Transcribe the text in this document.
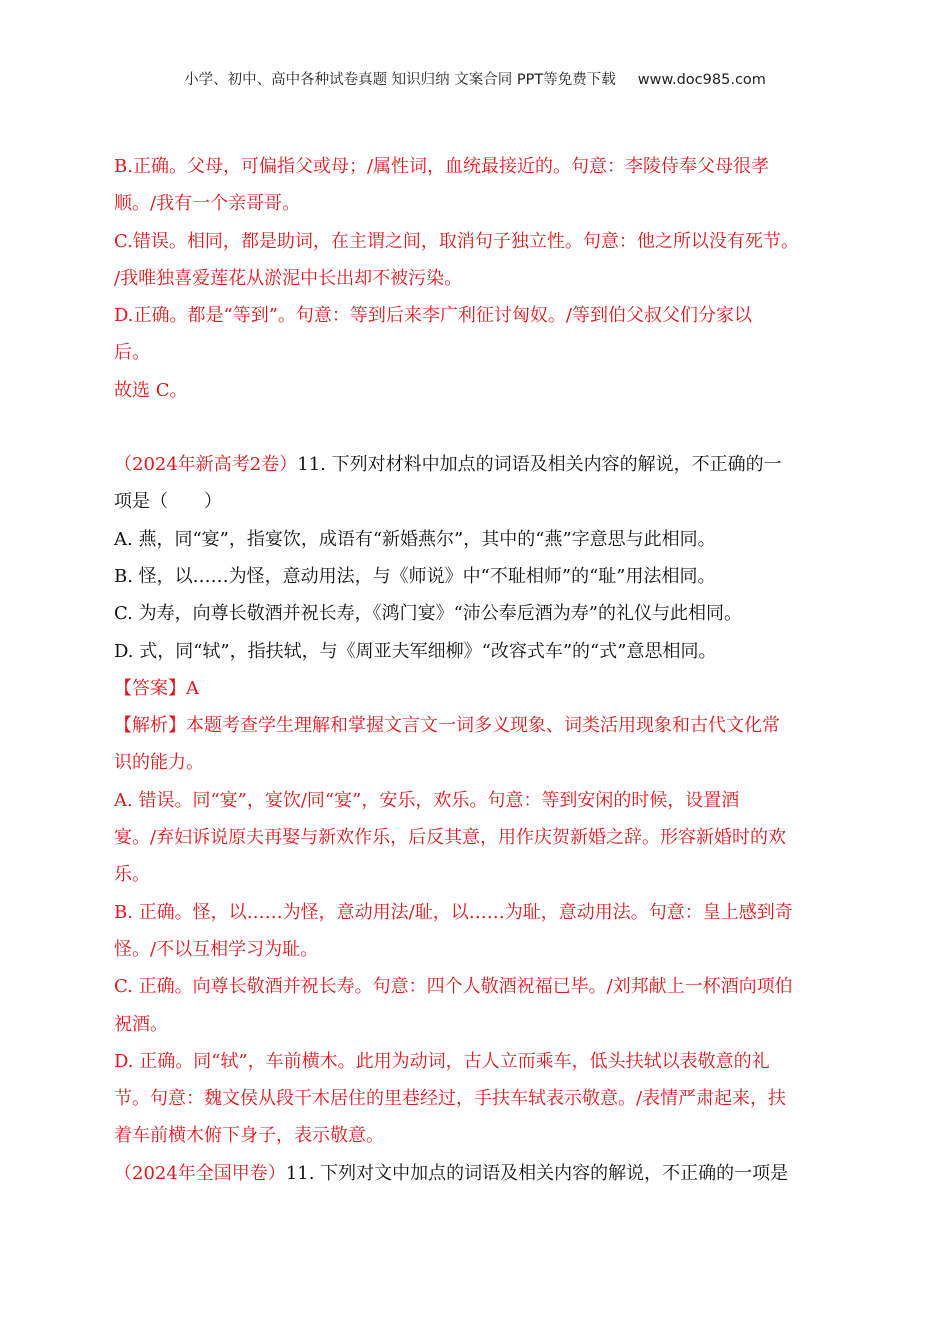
小学、初中、高中各种试卷真题 知识归纳 文案合同 PPT等免费下载 www.doc985.com
B.正确。父母，可偏指父或母；/属性词，血统最接近的。句意：李陵侍奉父母很孝
顺。/我有一个亲哥哥。
C.错误。相同，都是助词，在主谓之间，取消句子独立性。句意：他之所以没有死节。
/我唯独喜爱莲花从淤泥中长出却不被污染。
D.正确。都是“等到”。句意：等到后来李广利征讨匈奴。/等到伯父叔父们分家以
后。
故选 C。
（2024年新高考2卷）11. 下列对材料中加点的词语及相关内容的解说，不正确的一
项是（　　）
A. 燕，同“宴”，指宴饮，成语有“新婚燕尔”，其中的“燕”字意思与此相同。
B. 怪，以……为怪，意动用法，与《师说》中“不耻相师”的“耻”用法相同。
C. 为寿，向尊长敬酒并祝长寿，《鸿门宴》“沛公奉卮酒为寿”的礼仪与此相同。
D. 式，同“轼”，指扶轼，与《周亚夫军细柳》“改容式车”的“式”意思相同。
【答案】A
【解析】本题考查学生理解和掌握文言文一词多义现象、词类活用现象和古代文化常
识的能力。
A. 错误。同“宴”，宴饮/同“宴”，安乐，欢乐。句意：等到安闲的时候，设置酒
宴。/弃妇诉说原夫再娶与新欢作乐，后反其意，用作庆贺新婚之辞。形容新婚时的欢
乐。
B. 正确。怪，以……为怪，意动用法/耻，以……为耻，意动用法。句意：皇上感到奇
怪。/不以互相学习为耻。
C. 正确。向尊长敬酒并祝长寿。句意：四个人敬酒祝福已毕。/刘邦献上一杯酒向项伯
祝酒。
D. 正确。同“轼”，车前横木。此用为动词，古人立而乘车，低头扶轼以表敬意的礼
节。句意：魏文侯从段干木居住的里巷经过，手扶车轼表示敬意。/表情严肃起来，扶
着车前横木俯下身子，表示敬意。
（2024年全国甲卷）11. 下列对文中加点的词语及相关内容的解说，不正确的一项是
